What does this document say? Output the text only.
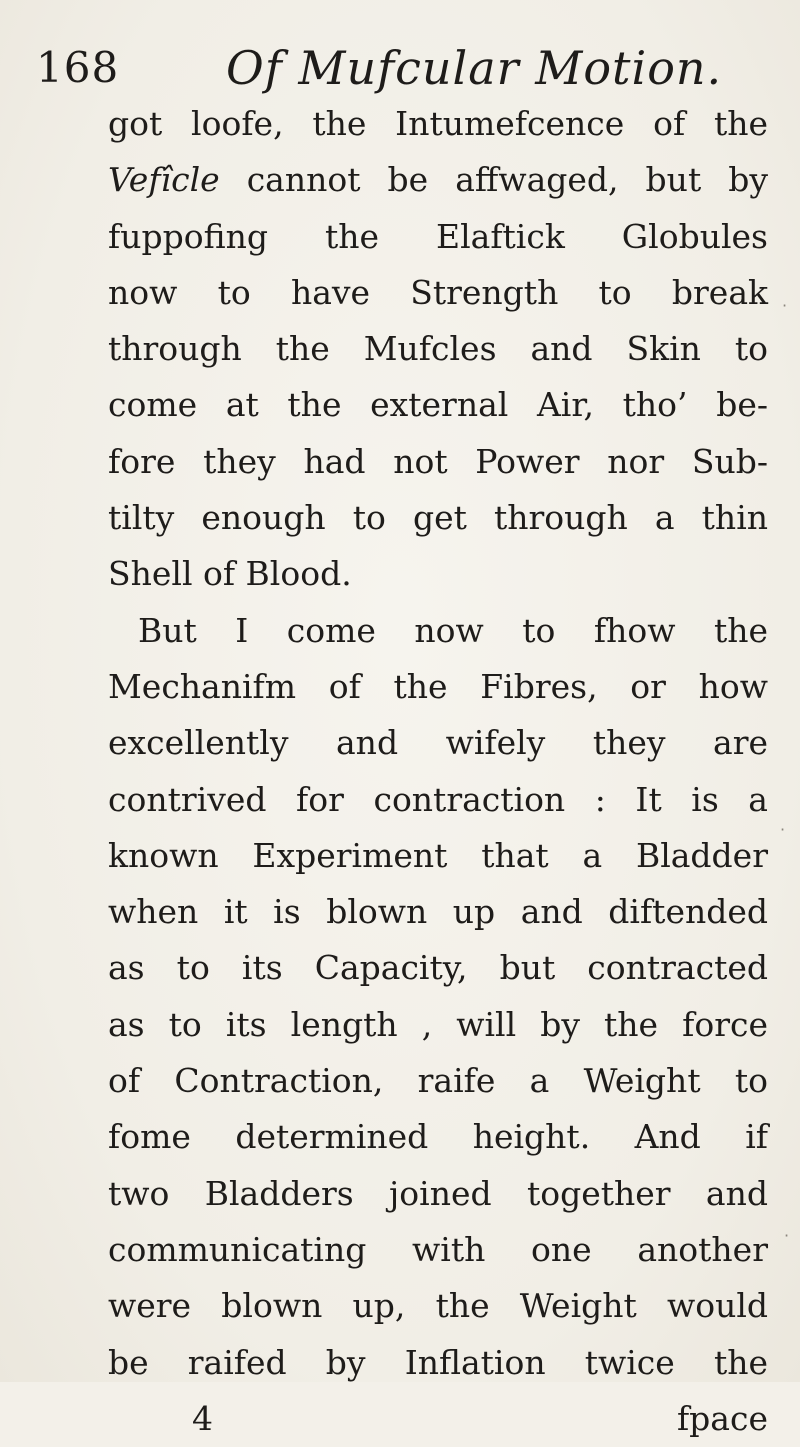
168 Of Mufcular Motion.
got loofe, the Intumefcence of the
Vefîcle cannot be affwaged, but by
fuppofing the Elaftick Globules
now to have Strength to break
through the Mufcles and Skin to
come at the external Air, tho’ be-
fore they had not Power nor Sub-
tilty enough to get through a thin
Shell of Blood.
But I come now to fhow the
Mechanifm of the Fibres, or how
excellently and wifely they are
contrived for contraction : It is a
known Experiment that a Bladder
when it is blown up and diftended
as to its Capacity, but contracted
as to its length , will by the force
of Contraction, raife a Weight to
fome determined height. And if
two Bladders joined together and
communicating with one another
were blown up, the Weight would
be raifed by Inflation twice the
4	fpace
·
·
·
